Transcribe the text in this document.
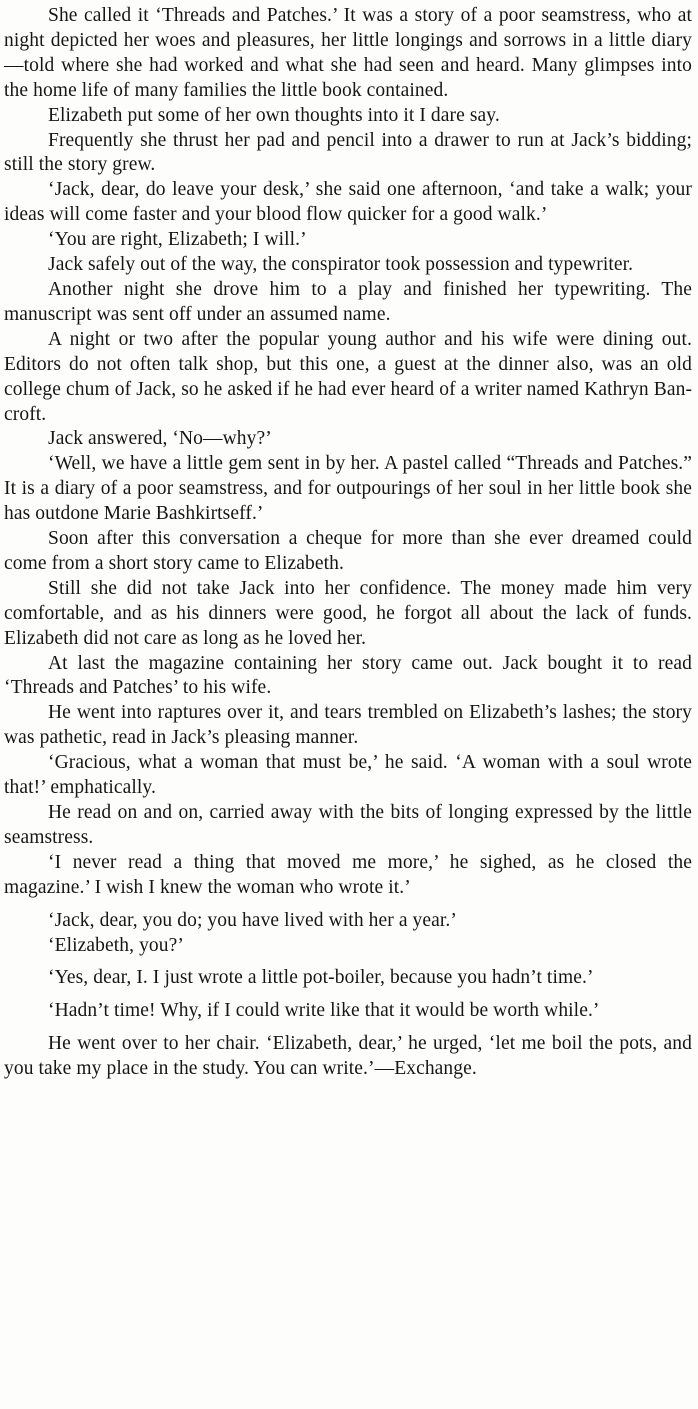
She called it ‘Threads and Patches.’ It was a story of a poor seamstress, who at night depicted her woes and pleasures, her little longings and sorrows in a little diary—told where she had worked and what she had seen and heard. Many glimpses into the home life of many families the little book contained.

Elizabeth put some of her own thoughts into it I dare say.

Frequently she thrust her pad and pencil into a drawer to run at Jack’s bidding; still the story grew.

‘Jack, dear, do leave your desk,’ she said one afternoon, ‘and take a walk; your ideas will come faster and your blood flow quicker for a good walk.’

‘You are right, Elizabeth; I will.’

Jack safely out of the way, the conspirator took possession and typewriter.

Another night she drove him to a play and finished her typewriting. The manuscript was sent off under an assumed name.

A night or two after the popular young author and his wife were dining out. Editors do not often talk shop, but this one, a guest at the dinner also, was an old college chum of Jack, so he asked if he had ever heard of a writer named Kathryn Bancroft.

Jack answered, ‘No—why?’

‘Well, we have a little gem sent in by her. A pastel called “Threads and Patches.” It is a diary of a poor seamstress, and for outpourings of her soul in her little book she has outdone Marie Bashkirtseff.’

Soon after this conversation a cheque for more than she ever dreamed could come from a short story came to Elizabeth.

Still she did not take Jack into her confidence. The money made him very comfortable, and as his dinners were good, he forgot all about the lack of funds. Elizabeth did not care as long as he loved her.

At last the magazine containing her story came out. Jack bought it to read ‘Threads and Patches’ to his wife.

He went into raptures over it, and tears trembled on Elizabeth’s lashes; the story was pathetic, read in Jack’s pleasing manner.

‘Gracious, what a woman that must be,’ he said. ‘A woman with a soul wrote that!’ emphatically.

He read on and on, carried away with the bits of longing expressed by the little seamstress.

‘I never read a thing that moved me more,’ he sighed, as he closed the magazine.’ I wish I knew the woman who wrote it.’

‘Jack, dear, you do; you have lived with her a year.’

‘Elizabeth, you?’

‘Yes, dear, I. I just wrote a little pot-boiler, because you hadn’t time.’

‘Hadn’t time! Why, if I could write like that it would be worth while.’

He went over to her chair. ‘Elizabeth, dear,’ he urged, ‘let me boil the pots, and you take my place in the study. You can write.’—Exchange.
